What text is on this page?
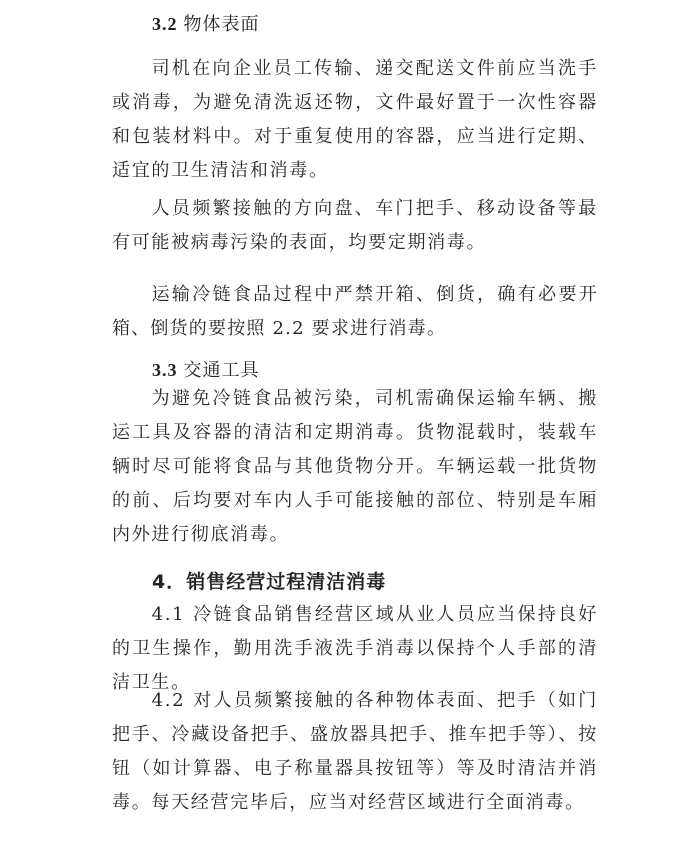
3.2 物体表面
司机在向企业员工传输、递交配送文件前应当洗手或消毒，为避免清洗返还物，文件最好置于一次性容器和包装材料中。对于重复使用的容器，应当进行定期、适宜的卫生清洁和消毒。
人员频繁接触的方向盘、车门把手、移动设备等最有可能被病毒污染的表面，均要定期消毒。
运输冷链食品过程中严禁开箱、倒货，确有必要开箱、倒货的要按照 2.2 要求进行消毒。
3.3 交通工具
为避免冷链食品被污染，司机需确保运输车辆、搬运工具及容器的清洁和定期消毒。货物混载时，装载车辆时尽可能将食品与其他货物分开。车辆运载一批货物的前、后均要对车内人手可能接触的部位、特别是车厢内外进行彻底消毒。
4．销售经营过程清洁消毒
4.1 冷链食品销售经营区域从业人员应当保持良好的卫生操作，勤用洗手液洗手消毒以保持个人手部的清洁卫生。
4.2 对人员频繁接触的各种物体表面、把手（如门把手、冷藏设备把手、盛放器具把手、推车把手等）、按钮（如计算器、电子称量器具按钮等）等及时清洁并消毒。每天经营完毕后，应当对经营区域进行全面消毒。
